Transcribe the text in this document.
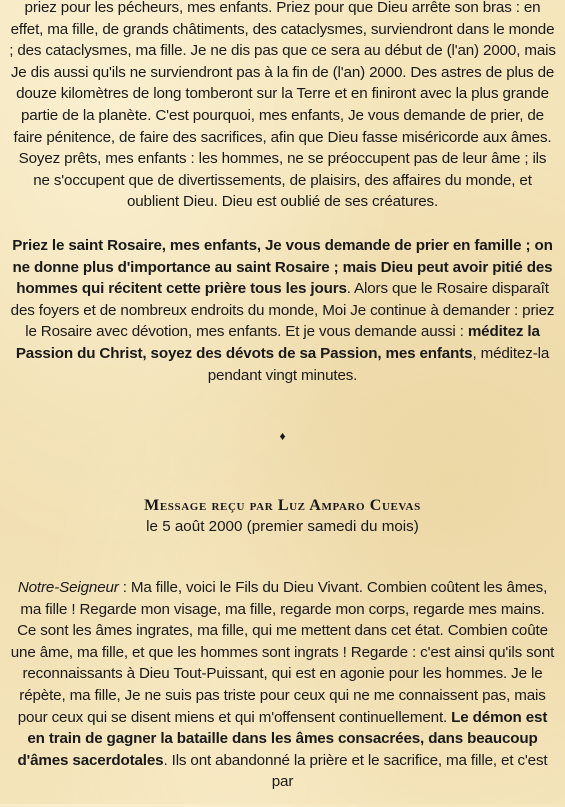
priez pour les pécheurs, mes enfants. Priez pour que Dieu arrête son bras : en effet, ma fille, de grands châtiments, des cataclysmes, surviendront dans le monde ; des cataclysmes, ma fille. Je ne dis pas que ce sera au début de (l'an) 2000, mais Je dis aussi qu'ils ne surviendront pas à la fin de (l'an) 2000. Des astres de plus de douze kilomètres de long tomberont sur la Terre et en finiront avec la plus grande partie de la planète. C'est pourquoi, mes enfants, Je vous demande de prier, de faire pénitence, de faire des sacrifices, afin que Dieu fasse miséricorde aux âmes. Soyez prêts, mes enfants : les hommes, ne se préoccupent pas de leur âme ; ils ne s'occupent que de divertissements, de plaisirs, des affaires du monde, et oublient Dieu. Dieu est oublié de ses créatures.

Priez le saint Rosaire, mes enfants, Je vous demande de prier en famille ; on ne donne plus d'importance au saint Rosaire ; mais Dieu peut avoir pitié des hommes qui récitent cette prière tous les jours. Alors que le Rosaire disparaît des foyers et de nombreux endroits du monde, Moi Je continue à demander : priez le Rosaire avec dévotion, mes enfants. Et je vous demande aussi : méditez la Passion du Christ, soyez des dévots de sa Passion, mes enfants, méditez-la pendant vingt minutes.

♦
Message reçu par Luz Amparo Cuevas
le 5 août 2000 (premier samedi du mois)

Notre-Seigneur : Ma fille, voici le Fils du Dieu Vivant. Combien coûtent les âmes, ma fille ! Regarde mon visage, ma fille, regarde mon corps, regarde mes mains. Ce sont les âmes ingrates, ma fille, qui me mettent dans cet état. Combien coûte une âme, ma fille, et que les hommes sont ingrats ! Regarde : c'est ainsi qu'ils sont reconnaissants à Dieu Tout-Puissant, qui est en agonie pour les hommes. Je le répète, ma fille, Je ne suis pas triste pour ceux qui ne me connaissent pas, mais pour ceux qui se disent miens et qui m'offensent continuellement. Le démon est en train de gagner la bataille dans les âmes consacrées, dans beaucoup d'âmes sacerdotales. Ils ont abandonné la prière et le sacrifice, ma fille, et c'est par
